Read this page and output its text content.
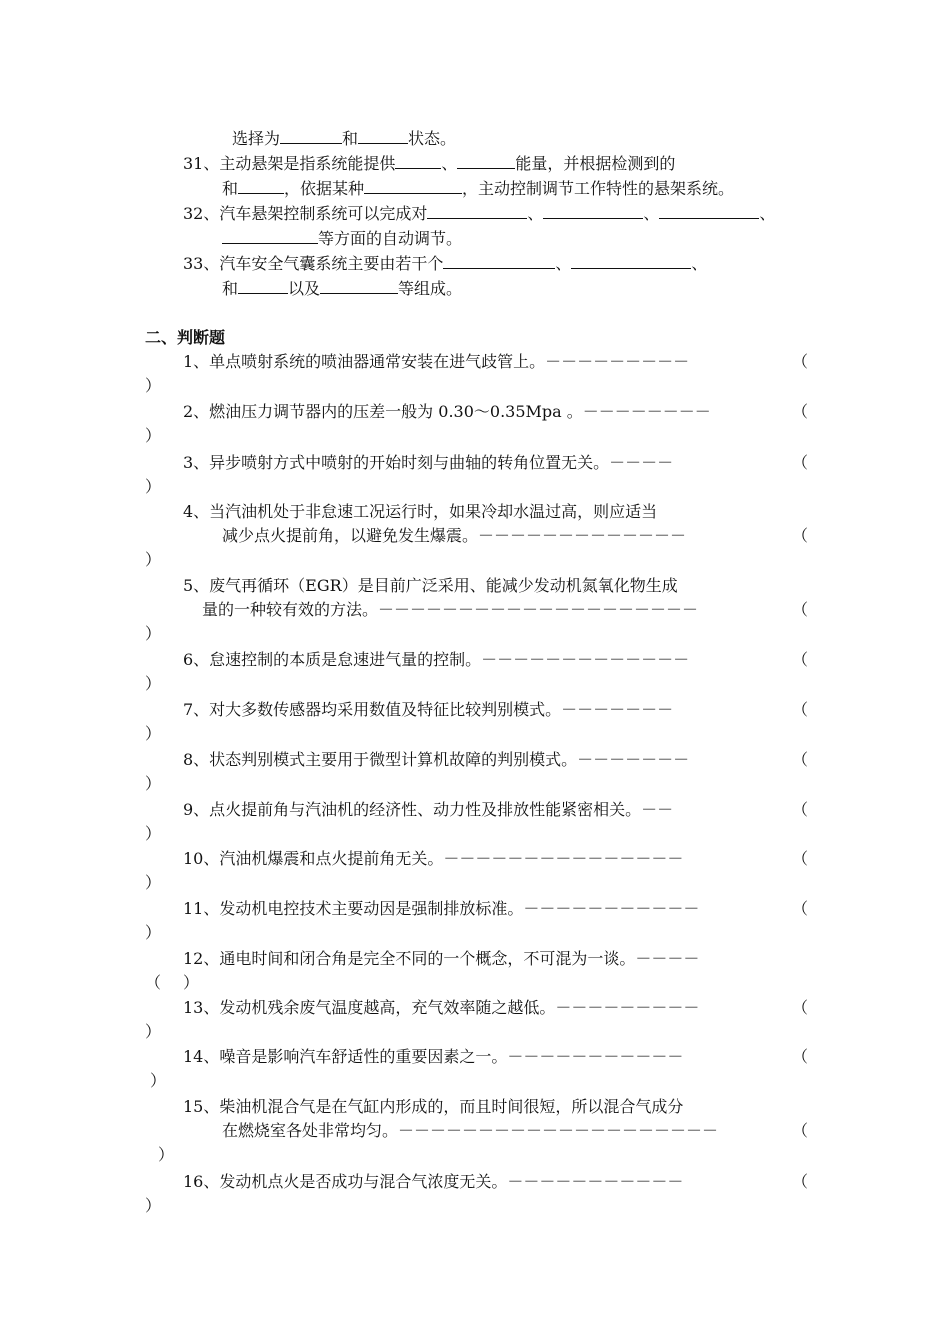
选择为	和	状态。
31、主动悬架是指系统能提供	、	能量，并根据检测到的
和	，依据某种	，主动控制调节工作特性的悬架系统。
32、汽车悬架控制系统可以完成对	、	、	、
等方面的自动调节。
33、汽车安全气囊系统主要由若干个	、	、
和	以及	等组成。
二、判断题
1、单点喷射系统的喷油器通常安装在进气歧管上。－－－－－－－－－	（
）
2、燃油压力调节器内的压差一般为 0.30～0.35Mpa 。－－－－－－－－	（
）
3、异步喷射方式中喷射的开始时刻与曲轴的转角位置无关。－－－－	（
）
4、当汽油机处于非怠速工况运行时，如果冷却水温过高，则应适当
减少点火提前角，以避免发生爆震。－－－－－－－－－－－－－	（
）
5、废气再循环（EGR）是目前广泛采用、能减少发动机氮氧化物生成
量的一种较有效的方法。－－－－－－－－－－－－－－－－－－－－	（
）
6、怠速控制的本质是怠速进气量的控制。－－－－－－－－－－－－－	（
）
7、对大多数传感器均采用数值及特征比较判别模式。－－－－－－－	（
）
8、状态判别模式主要用于微型计算机故障的判别模式。－－－－－－－	（
）
9、点火提前角与汽油机的经济性、动力性及排放性能紧密相关。－－	（
）
10、汽油机爆震和点火提前角无关。－－－－－－－－－－－－－－－	（
）
11、发动机电控技术主要动因是强制排放标准。－－－－－－－－－－－	（
）
12、通电时间和闭合角是完全不同的一个概念，不可混为一谈。－－－－
（ ）
13、发动机残余废气温度越高，充气效率随之越低。－－－－－－－－－	（
）
14、噪音是影响汽车舒适性的重要因素之一。－－－－－－－－－－－	（
）
15、柴油机混合气是在气缸内形成的，而且时间很短，所以混合气成分
在燃烧室各处非常均匀。－－－－－－－－－－－－－－－－－－－－	（
）
16、发动机点火是否成功与混合气浓度无关。－－－－－－－－－－－	（
）
